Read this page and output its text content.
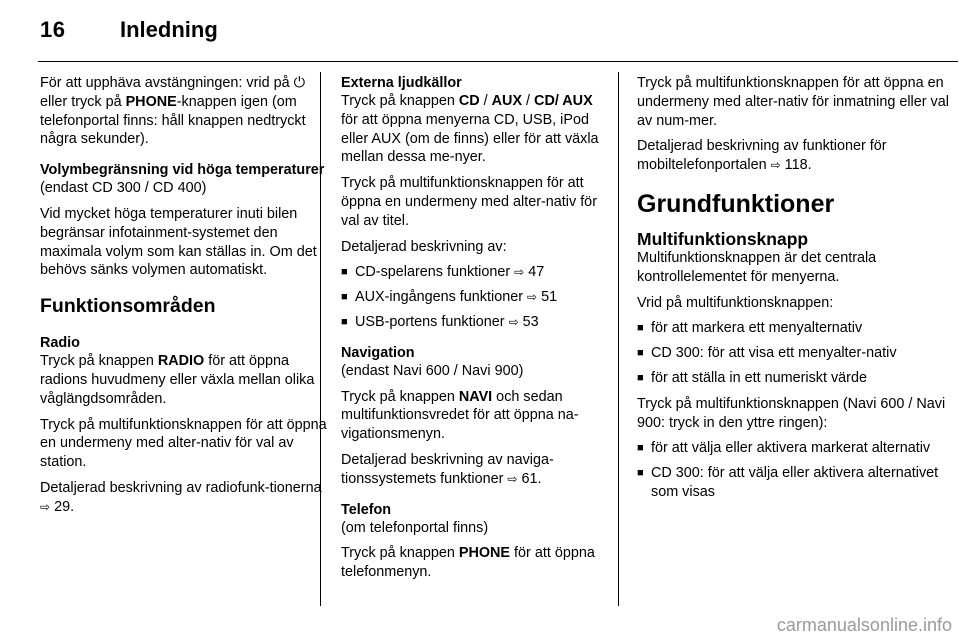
16 Inledning

För att upphäva avstängningen: vrid på ⏻ eller tryck på PHONE-knappen igen (om telefonportal finns: håll knappen nedtryckt några sekunder).

Volymbegränsning vid höga temperaturer

(endast CD 300 / CD 400)

Vid mycket höga temperaturer inuti bilen begränsar infotainment-systemet den maximala volym som kan ställas in. Om det behövs sänks volymen automatiskt.

Funktionsområden
Radio

Tryck på knappen RADIO för att öppna radions huvudmeny eller växla mellan olika våglängdsområden.

Tryck på multifunktionsknappen för att öppna en undermeny med alter-nativ för val av station.

Detaljerad beskrivning av radiofunk-tionerna ⇨ 29.

Externa ljudkällor

Tryck på knappen CD / AUX / CD/ AUX för att öppna menyerna CD, USB, iPod eller AUX (om de finns) eller för att växla mellan dessa me-nyer.

Tryck på multifunktionsknappen för att öppna en undermeny med alter-nativ för val av titel.

Detaljerad beskrivning av:

■ CD-spelarens funktioner ⇨ 47
■ AUX-ingångens funktioner ⇨ 51
■ USB-portens funktioner ⇨ 53
Navigation

(endast Navi 600 / Navi 900)

Tryck på knappen NAVI och sedan multifunktionsvredet för att öppna na-vigationsmenyn.

Detaljerad beskrivning av naviga-tionssystemets funktioner ⇨ 61.

Telefon

(om telefonportal finns)

Tryck på knappen PHONE för att öppna telefonmenyn.

Tryck på multifunktionsknappen för att öppna en undermeny med alter-nativ för inmatning eller val av num-mer.

Detaljerad beskrivning av funktioner för mobiltelefonportalen ⇨ 118.

Grundfunktioner
Multifunktionsknapp

Multifunktionsknappen är det centrala kontrollelementet för menyerna.

Vrid på multifunktionsknappen:

■ för att markera ett menyalternativ
■ CD 300: för att visa ett menyalter-nativ
■ för att ställa in ett numeriskt värde

Tryck på multifunktionsknappen (Navi 600 / Navi 900: tryck in den yttre ringen):

■ för att välja eller aktivera markerat alternativ
■ CD 300: för att välja eller aktivera alternativet som visas
carmanualsonline.info
